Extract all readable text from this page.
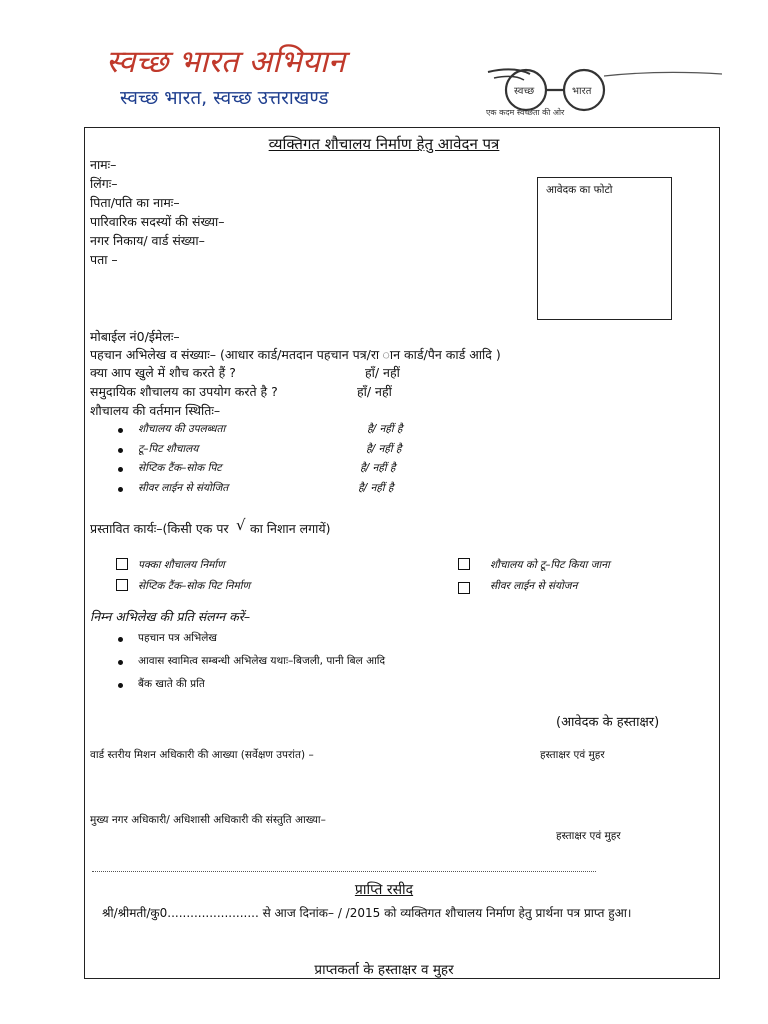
स्वच्छ भारत अभियान
स्वच्छ भारत, स्वच्छ उत्तराखण्ड	स्वच्छ	भारत
एक कदम स्वच्छता की ओर
व्यक्तिगत शौचालय निर्माण हेतु आवेदन पत्र
नामः–
लिंगः–
पिता/पति का नामः–
पारिवारिक सदस्यों की संख्या–
नगर निकाय/ वार्ड संख्या–
पता –
आवेदक का फोटो
मोबाईल नं0/ईमेलः–
पहचान अभिलेख व संख्याः– (आधार कार्ड/मतदान पहचान पत्र/रा ान कार्ड/पैन कार्ड आदि )
क्या आप खुले में शौच करते हैं ?	हाँ/ नहीं
समुदायिक शौचालय का उपयोग करते है ?	हाँ/ नहीं
शौचालय की वर्तमान स्थितिः–
शौचालय की उपलब्धता	है/ नहीं है
टू–पिट शौचालय	है/ नहीं है
सेप्टिक टैंक–सोक पिट	है/ नहीं है
सीवर लाईन से संयोजित	है/ नहीं है
प्रस्तावित कार्यः–(किसी एक पर √ का निशान लगायें)
पक्का शौचालय निर्माण
सेप्टिक टैंक–सोक पिट निर्माण
शौचालय को टू–पिट किया जाना
सीवर लाईन से संयोजन
निम्न अभिलेख की प्रति संलग्न करें–
पहचान पत्र अभिलेख
आवास स्वामित्व सम्बन्धी अभिलेख यथाः–बिजली, पानी बिल आदि
बैंक खाते की प्रति
(आवेदक के हस्ताक्षर)
वार्ड स्तरीय मिशन अधिकारी की आख्या (सर्वेक्षण उपरांत) –	हस्ताक्षर एवं मुहर
मुख्य नगर अधिकारी/ अधिशासी अधिकारी की संस्तुति आख्या–
हस्ताक्षर एवं मुहर
प्राप्ति रसीद
श्री/श्रीमती/कु0........................ से आज दिनांक– / /2015 को व्यक्तिगत शौचालय निर्माण हेतु प्रार्थना पत्र प्राप्त हुआ।
प्राप्तकर्ता के हस्ताक्षर व मुहर
